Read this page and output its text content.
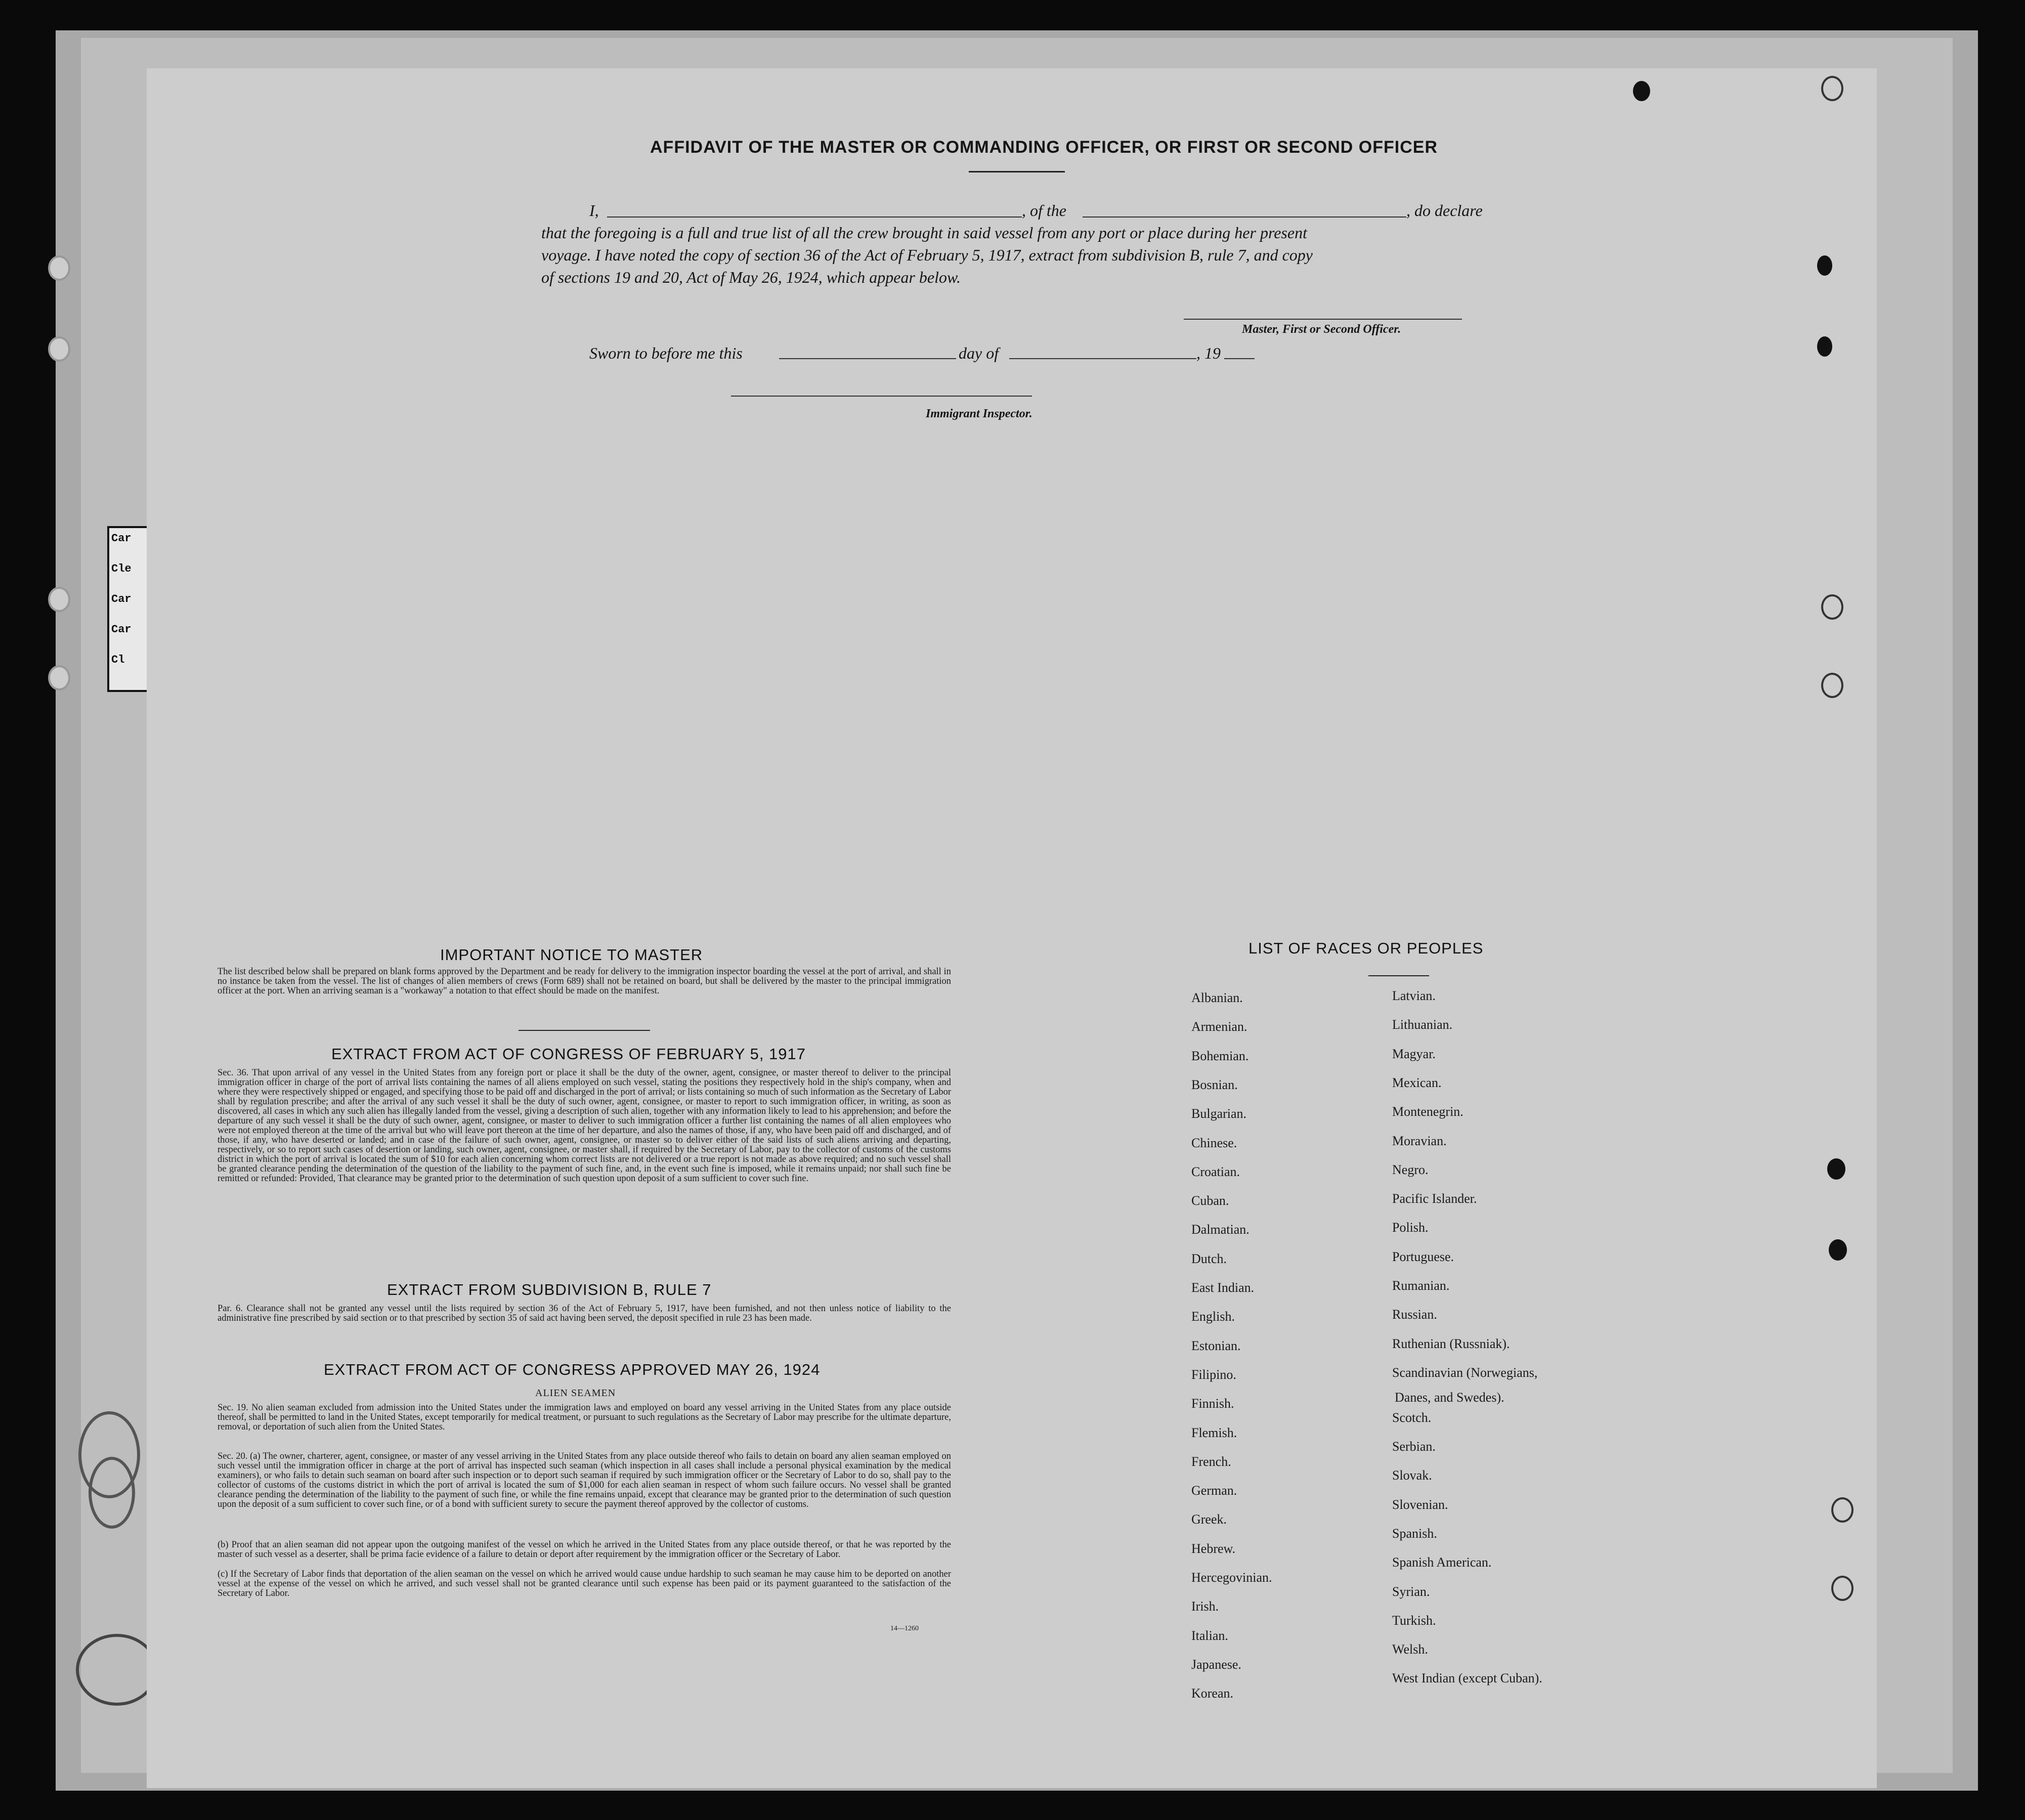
Car
Cle
Car
Car
Cl
AFFIDAVIT OF THE MASTER OR COMMANDING OFFICER, OR FIRST OR SECOND OFFICER
I,	, of the	, do declare
that the foregoing is a full and true list of all the crew brought in said vessel from any port or place during her present
voyage. I have noted the copy of section 36 of the Act of February 5, 1917, extract from subdivision B, rule 7, and copy
of sections 19 and 20, Act of May 26, 1924, which appear below.
Master, First or Second Officer.
Sworn to before me this	day of	, 19
Immigrant Inspector.
IMPORTANT NOTICE TO MASTER
The list described below shall be prepared on blank forms approved by the Department and be ready for delivery to the immigration inspector boarding the vessel at the port of arrival, and shall in no instance be taken from the vessel. The list of changes of alien members of crews (Form 689) shall not be retained on board, but shall be delivered by the master to the principal immigration officer at the port. When an arriving seaman is a "workaway" a notation to that effect should be made on the manifest.
EXTRACT FROM ACT OF CONGRESS OF FEBRUARY 5, 1917
Sec. 36. That upon arrival of any vessel in the United States from any foreign port or place it shall be the duty of the owner, agent, consignee, or master thereof to deliver to the principal immigration officer in charge of the port of arrival lists containing the names of all aliens employed on such vessel, stating the positions they respectively hold in the ship's company, when and where they were respectively shipped or engaged, and specifying those to be paid off and discharged in the port of arrival; or lists containing so much of such information as the Secretary of Labor shall by regulation prescribe; and after the arrival of any such vessel it shall be the duty of such owner, agent, consignee, or master to report to such immigration officer, in writing, as soon as discovered, all cases in which any such alien has illegally landed from the vessel, giving a description of such alien, together with any information likely to lead to his apprehension; and before the departure of any such vessel it shall be the duty of such owner, agent, consignee, or master to deliver to such immigration officer a further list containing the names of all alien employees who were not employed thereon at the time of the arrival but who will leave port thereon at the time of her departure, and also the names of those, if any, who have been paid off and discharged, and of those, if any, who have deserted or landed; and in case of the failure of such owner, agent, consignee, or master so to deliver either of the said lists of such aliens arriving and departing, respectively, or so to report such cases of desertion or landing, such owner, agent, consignee, or master shall, if required by the Secretary of Labor, pay to the collector of customs of the customs district in which the port of arrival is located the sum of $10 for each alien concerning whom correct lists are not delivered or a true report is not made as above required; and no such vessel shall be granted clearance pending the determination of the question of the liability to the payment of such fine, and, in the event such fine is imposed, while it remains unpaid; nor shall such fine be remitted or refunded: Provided, That clearance may be granted prior to the determination of such question upon deposit of a sum sufficient to cover such fine.
EXTRACT FROM SUBDIVISION B, RULE 7
Par. 6. Clearance shall not be granted any vessel until the lists required by section 36 of the Act of February 5, 1917, have been furnished, and not then unless notice of liability to the administrative fine prescribed by said section or to that prescribed by section 35 of said act having been served, the deposit specified in rule 23 has been made.
EXTRACT FROM ACT OF CONGRESS APPROVED MAY 26, 1924
ALIEN SEAMEN
Sec. 19. No alien seaman excluded from admission into the United States under the immigration laws and employed on board any vessel arriving in the United States from any place outside thereof, shall be permitted to land in the United States, except temporarily for medical treatment, or pursuant to such regulations as the Secretary of Labor may prescribe for the ultimate departure, removal, or deportation of such alien from the United States.
Sec. 20. (a) The owner, charterer, agent, consignee, or master of any vessel arriving in the United States from any place outside thereof who fails to detain on board any alien seaman employed on such vessel until the immigration officer in charge at the port of arrival has inspected such seaman (which inspection in all cases shall include a personal physical examination by the medical examiners), or who fails to detain such seaman on board after such inspection or to deport such seaman if required by such immigration officer or the Secretary of Labor to do so, shall pay to the collector of customs of the customs district in which the port of arrival is located the sum of $1,000 for each alien seaman in respect of whom such failure occurs. No vessel shall be granted clearance pending the determination of the liability to the payment of such fine, or while the fine remains unpaid, except that clearance may be granted prior to the determination of such question upon the deposit of a sum sufficient to cover such fine, or of a bond with sufficient surety to secure the payment thereof approved by the collector of customs.
(b) Proof that an alien seaman did not appear upon the outgoing manifest of the vessel on which he arrived in the United States from any place outside thereof, or that he was reported by the master of such vessel as a deserter, shall be prima facie evidence of a failure to detain or deport after requirement by the immigration officer or the Secretary of Labor.
(c) If the Secretary of Labor finds that deportation of the alien seaman on the vessel on which he arrived would cause undue hardship to such seaman he may cause him to be deported on another vessel at the expense of the vessel on which he arrived, and such vessel shall not be granted clearance until such expense has been paid or its payment guaranteed to the satisfaction of the Secretary of Labor.
14—1260
LIST OF RACES OR PEOPLES
Danes, and Swedes).
Albanian.
Armenian.
Bohemian.
Bosnian.
Bulgarian.
Chinese.
Croatian.
Cuban.
Dalmatian.
Dutch.
East Indian.
English.
Estonian.
Filipino.
Finnish.
Flemish.
French.
German.
Greek.
Hebrew.
Hercegovinian.
Irish.
Italian.
Japanese.
Korean.
Latvian.
Lithuanian.
Magyar.
Mexican.
Montenegrin.
Moravian.
Negro.
Pacific Islander.
Polish.
Portuguese.
Rumanian.
Russian.
Ruthenian (Russniak).
Scandinavian (Norwegians,
Scotch.
Serbian.
Slovak.
Slovenian.
Spanish.
Spanish American.
Syrian.
Turkish.
Welsh.
West Indian (except Cuban).
